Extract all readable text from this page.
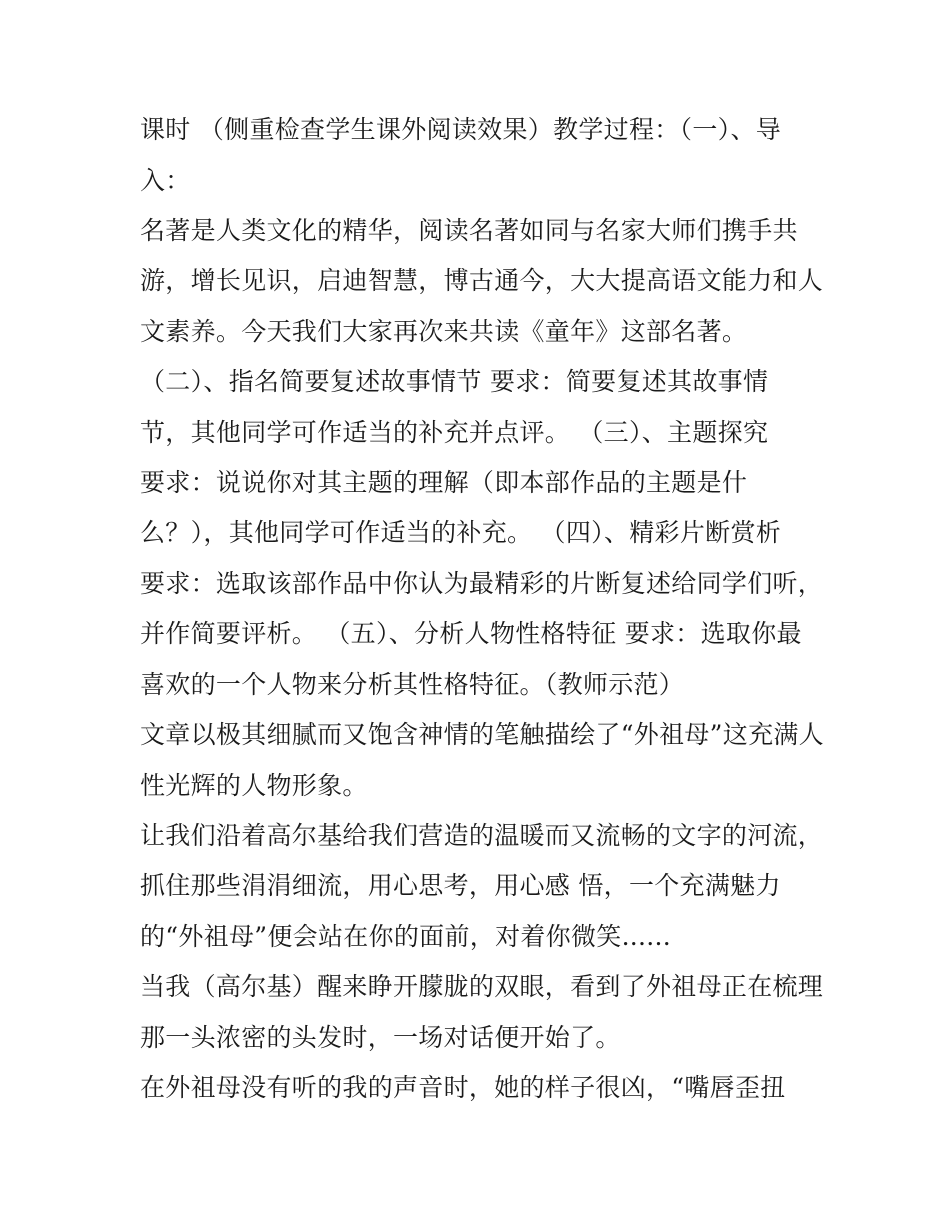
课时 （侧重检查学生课外阅读效果）教学过程：（一）、导

入：

名著是人类文化的精华，阅读名著如同与名家大师们携手共

游，增长见识，启迪智慧，博古通今，大大提高语文能力和人

文素养。今天我们大家再次来共读《童年》这部名著。

（二）、指名简要复述故事情节 要求：简要复述其故事情

节，其他同学可作适当的补充并点评。 （三）、主题探究

要求：说说你对其主题的理解（即本部作品的主题是什

么？），其他同学可作适当的补充。 （四）、精彩片断赏析

要求：选取该部作品中你认为最精彩的片断复述给同学们听，

并作简要评析。 （五）、分析人物性格特征 要求：选取你最

喜欢的一个人物来分析其性格特征。（教师示范）

文章以极其细腻而又饱含神情的笔触描绘了“外祖母”这充满人

性光辉的人物形象。

让我们沿着高尔基给我们营造的温暖而又流畅的文字的河流，

抓住那些涓涓细流，用心思考，用心感 悟，一个充满魅力

的“外祖母”便会站在你的面前，对着你微笑......

当我（高尔基）醒来睁开朦胧的双眼，看到了外祖母正在梳理

那一头浓密的头发时，一场对话便开始了。

在外祖母没有听的我的声音时，她的样子很凶，“嘴唇歪扭
